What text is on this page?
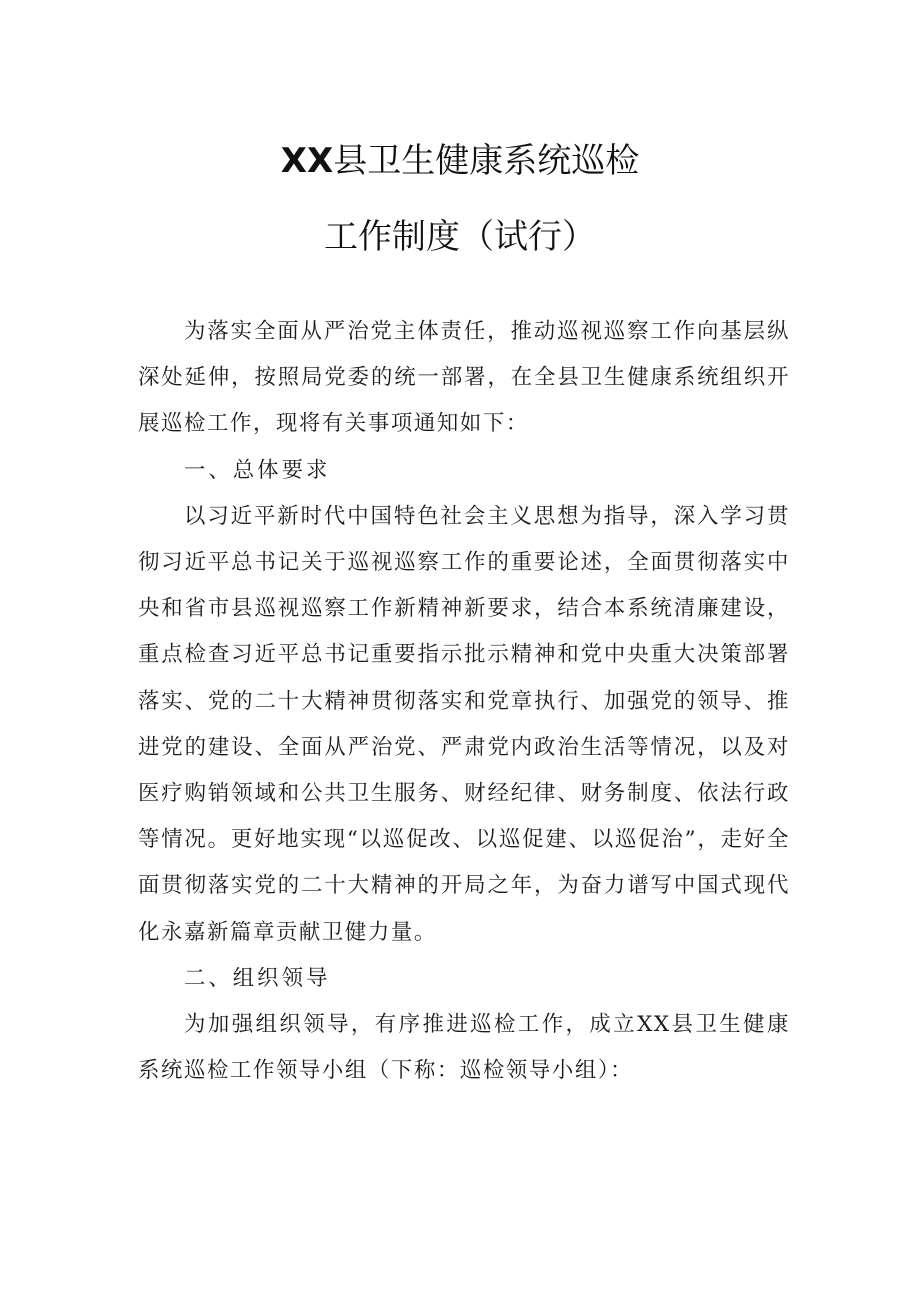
XX县卫生健康系统巡检
工作制度（试行）

为落实全面从严治党主体责任，推动巡视巡察工作向基层纵深处延伸，按照局党委的统一部署，在全县卫生健康系统组织开展巡检工作，现将有关事项通知如下：

一、总体要求

以习近平新时代中国特色社会主义思想为指导，深入学习贯彻习近平总书记关于巡视巡察工作的重要论述，全面贯彻落实中央和省市县巡视巡察工作新精神新要求，结合本系统清廉建设，重点检查习近平总书记重要指示批示精神和党中央重大决策部署落实、党的二十大精神贯彻落实和党章执行、加强党的领导、推进党的建设、全面从严治党、严肃党内政治生活等情况，以及对医疗购销领域和公共卫生服务、财经纪律、财务制度、依法行政等情况。更好地实现“以巡促改、以巡促建、以巡促治”，走好全面贯彻落实党的二十大精神的开局之年，为奋力谱写中国式现代化永嘉新篇章贡献卫健力量。

二、组织领导

为加强组织领导，有序推进巡检工作，成立XX县卫生健康系统巡检工作领导小组（下称：巡检领导小组）：
